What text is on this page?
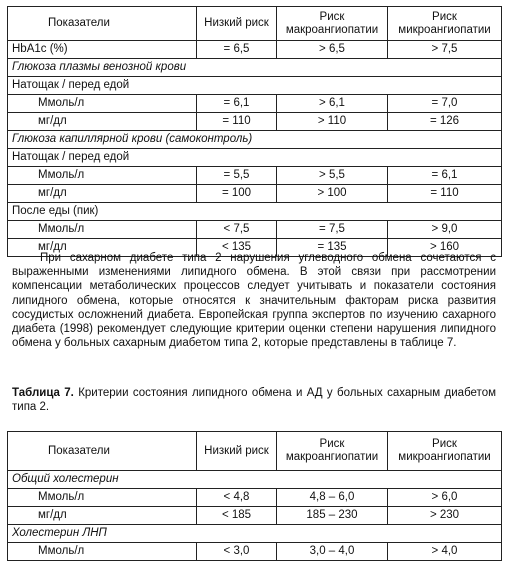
Показатели	Низкий риск	Риск макроангиопатии	Риск микроангиопатии
HbA1c (%)	= 6,5	> 6,5	> 7,5
Глюкоза плазмы венозной крови			
Натощак / перед едой			
Ммоль/л	= 6,1	> 6,1	= 7,0
мг/дл	= 110	> 110	= 126
Глюкоза капиллярной крови (самоконтроль)			
Натощак / перед едой			
Ммоль/л	= 5,5	> 5,5	= 6,1
мг/дл	= 100	> 100	= 110
После еды (пик)			
Ммоль/л	< 7,5	= 7,5	> 9,0
мг/дл	< 135	= 135	> 160

При сахарном диабете типа 2 нарушения углеводного обмена сочетаются с выраженными изменениями липидного обмена. В этой связи при рассмотрении компенсации метаболических процессов следует учитывать и показатели состояния липидного обмена, которые относятся к значительным факторам риска развития сосудистых осложнений диабета. Европейская группа экспертов по изучению сахарного диабета (1998) рекомендует следующие критерии оценки степени нарушения липидного обмена у больных сахарным диабетом типа 2, которые представлены в таблице 7.

Таблица 7. Критерии состояния липидного обмена и АД у больных сахарным диабетом типа 2.

Показатели	Низкий риск	Риск макроангиопатии	Риск микроангиопатии
Общий холестерин			
Ммоль/л	< 4,8	4,8 – 6,0	> 6,0
мг/дл	< 185	185 – 230	> 230
Холестерин ЛНП			
Ммоль/л	< 3,0	3,0 – 4,0	> 4,0
